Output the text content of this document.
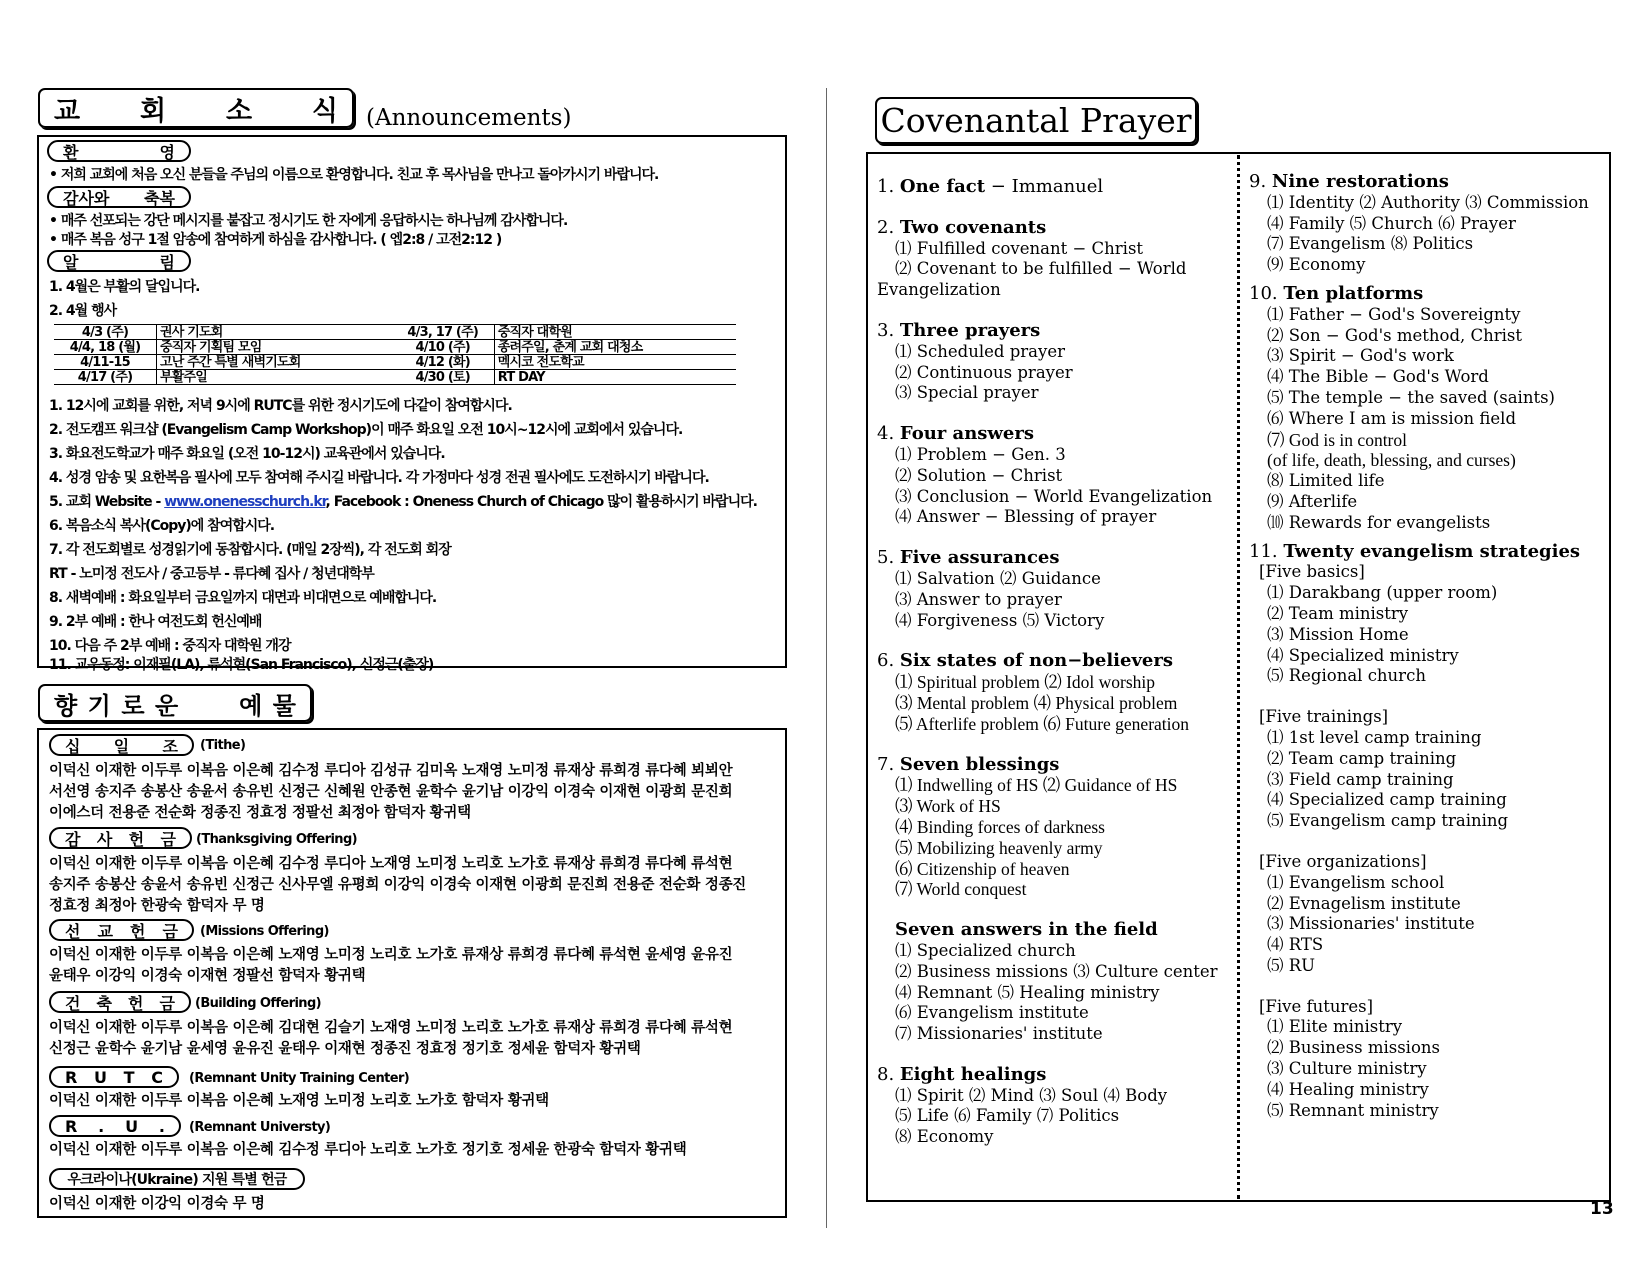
교 회 소 식 (Announcements)
환	영
• 저희 교회에 처음 오신 분들을 주님의 이름으로 환영합니다. 친교 후 목사님을 만나고 돌아가시기 바랍니다.
감사와 축복
• 매주 선포되는 강단 메시지를 붙잡고 정시기도 한 자에게 응답하시는 하나님께 감사합니다.
• 매주 복음 성구 1절 암송에 참여하게 하심을 감사합니다. ( 엡2:8 / 고전2:12 )
알	림
1. 4월은 부활의 달입니다.
2. 4월 행사
4/3 (주)	권사 기도회	4/3, 17 (주)	중직자 대학원
4/4, 18 (월)	중직자 기획팀 모임	4/10 (주)	종려주일, 춘계 교회 대청소
4/11-15	고난 주간 특별 새벽기도회	4/12 (화)	멕시코 전도학교
4/17 (주)	부활주일	4/30 (토)	RT DAY
1. 12시에 교회를 위한, 저녁 9시에 RUTC를 위한 정시기도에 다같이 참여합시다.
2. 전도캠프 워크샵 (Evangelism Camp Workshop)이 매주 화요일 오전 10시~12시에 교회에서 있습니다.
3. 화요전도학교가 매주 화요일 (오전 10-12시) 교육관에서 있습니다.
4. 성경 암송 및 요한복음 필사에 모두 참여해 주시길 바랍니다. 각 가정마다 성경 전권 필사에도 도전하시기 바랍니다.
5. 교회 Website - www.onenesschurch.kr, Facebook : Oneness Church of Chicago 많이 활용하시기 바랍니다.
6. 복음소식 복사(Copy)에 참여합시다.
7. 각 전도회별로 성경읽기에 동참합시다. (매일 2장씩), 각 전도회 회장
RT - 노미정 전도사 / 중고등부 - 류다혜 집사 / 청년대학부
8. 새벽예배 : 화요일부터 금요일까지 대면과 비대면으로 예배합니다.
9. 2부 예배 : 한나 여전도회 헌신예배
10. 다음 주 2부 예배 : 중직자 대학원 개강
11. 교우동정: 이재필(LA), 류석현(San Francisco), 신정근(출장)
향 기 로 운	예 물
십 일 조 (Tithe)
이덕신 이재한 이두루 이복음 이은혜 김수정 루디아 김성규 김미옥 노재영 노미정 류재상 류희경 류다혜 뵈뵈안
서선영 송지주 송봉산 송윤서 송유빈 신정근 신혜원 안종현 윤학수 윤기남 이강익 이경숙 이재현 이광희 문진희
이에스더 전용준 전순화 정종진 정효정 정팔선 최정아 함덕자 황귀택
감 사 헌 금 (Thanksgiving Offering)
이덕신 이재한 이두루 이복음 이은혜 김수정 루디아 노재영 노미정 노리호 노가호 류재상 류희경 류다혜 류석현
송지주 송봉산 송윤서 송유빈 신정근 신사무엘 유평희 이강익 이경숙 이재현 이광희 문진희 전용준 전순화 정종진
정효정 최정아 한광숙 함덕자 무 명
선 교 헌 금 (Missions Offering)
이덕신 이재한 이두루 이복음 이은혜 노재영 노미정 노리호 노가호 류재상 류희경 류다혜 류석현 윤세영 윤유진
윤태우 이강익 이경숙 이재현 정팔선 함덕자 황귀택
건 축 헌 금 (Building Offering)
이덕신 이재한 이두루 이복음 이은혜 김대현 김슬기 노재영 노미정 노리호 노가호 류재상 류희경 류다혜 류석현
신정근 윤학수 윤기남 윤세영 윤유진 윤태우 이재현 정종진 정효정 정기호 정세윤 함덕자 황귀택
R U T C (Remnant Unity Training Center)
이덕신 이재한 이두루 이복음 이은혜 노재영 노미정 노리호 노가호 함덕자 황귀택
R . U . (Remnant Universty)
이덕신 이재한 이두루 이복음 이은혜 김수정 루디아 노리호 노가호 정기호 정세윤 한광숙 함덕자 황귀택
우크라이나(Ukraine) 지원 특별 헌금
이덕신 이재한 이강익 이경숙 무 명
Covenantal Prayer
1. One fact − Immanuel
2. Two covenants
⑴ Fulfilled covenant − Christ
⑵ Covenant to be fulfilled − World
Evangelization
3. Three prayers
⑴ Scheduled prayer
⑵ Continuous prayer
⑶ Special prayer
4. Four answers
⑴ Problem − Gen. 3
⑵ Solution − Christ
⑶ Conclusion − World Evangelization
⑷ Answer − Blessing of prayer
5. Five assurances
⑴ Salvation ⑵ Guidance
⑶ Answer to prayer
⑷ Forgiveness ⑸ Victory
6. Six states of non−believers
⑴ Spiritual problem ⑵ Idol worship
⑶ Mental problem ⑷ Physical problem
⑸ Afterlife problem ⑹ Future generation
7. Seven blessings
⑴ Indwelling of HS ⑵ Guidance of HS
⑶ Work of HS
⑷ Binding forces of darkness
⑸ Mobilizing heavenly army
⑹ Citizenship of heaven
⑺ World conquest
Seven answers in the field
⑴ Specialized church
⑵ Business missions ⑶ Culture center
⑷ Remnant ⑸ Healing ministry
⑹ Evangelism institute
⑺ Missionaries' institute
8. Eight healings
⑴ Spirit ⑵ Mind ⑶ Soul ⑷ Body
⑸ Life ⑹ Family ⑺ Politics
⑻ Economy
9. Nine restorations
⑴ Identity ⑵ Authority ⑶ Commission
⑷ Family ⑸ Church ⑹ Prayer
⑺ Evangelism ⑻ Politics
⑼ Economy
10. Ten platforms
⑴ Father − God's Sovereignty
⑵ Son − God's method, Christ
⑶ Spirit − God's work
⑷ The Bible − God's Word
⑸ The temple − the saved (saints)
⑹ Where I am is mission field
⑺ God is in control
(of life, death, blessing, and curses)
⑻ Limited life
⑼ Afterlife
⑽ Rewards for evangelists
11. Twenty evangelism strategies
[Five basics]
⑴ Darakbang (upper room)
⑵ Team ministry
⑶ Mission Home
⑷ Specialized ministry
⑸ Regional church
[Five trainings]
⑴ 1st level camp training
⑵ Team camp training
⑶ Field camp training
⑷ Specialized camp training
⑸ Evangelism camp training
[Five organizations]
⑴ Evangelism school
⑵ Evnagelism institute
⑶ Missionaries' institute
⑷ RTS
⑸ RU
[Five futures]
⑴ Elite ministry
⑵ Business missions
⑶ Culture ministry
⑷ Healing ministry
⑸ Remnant ministry
13
